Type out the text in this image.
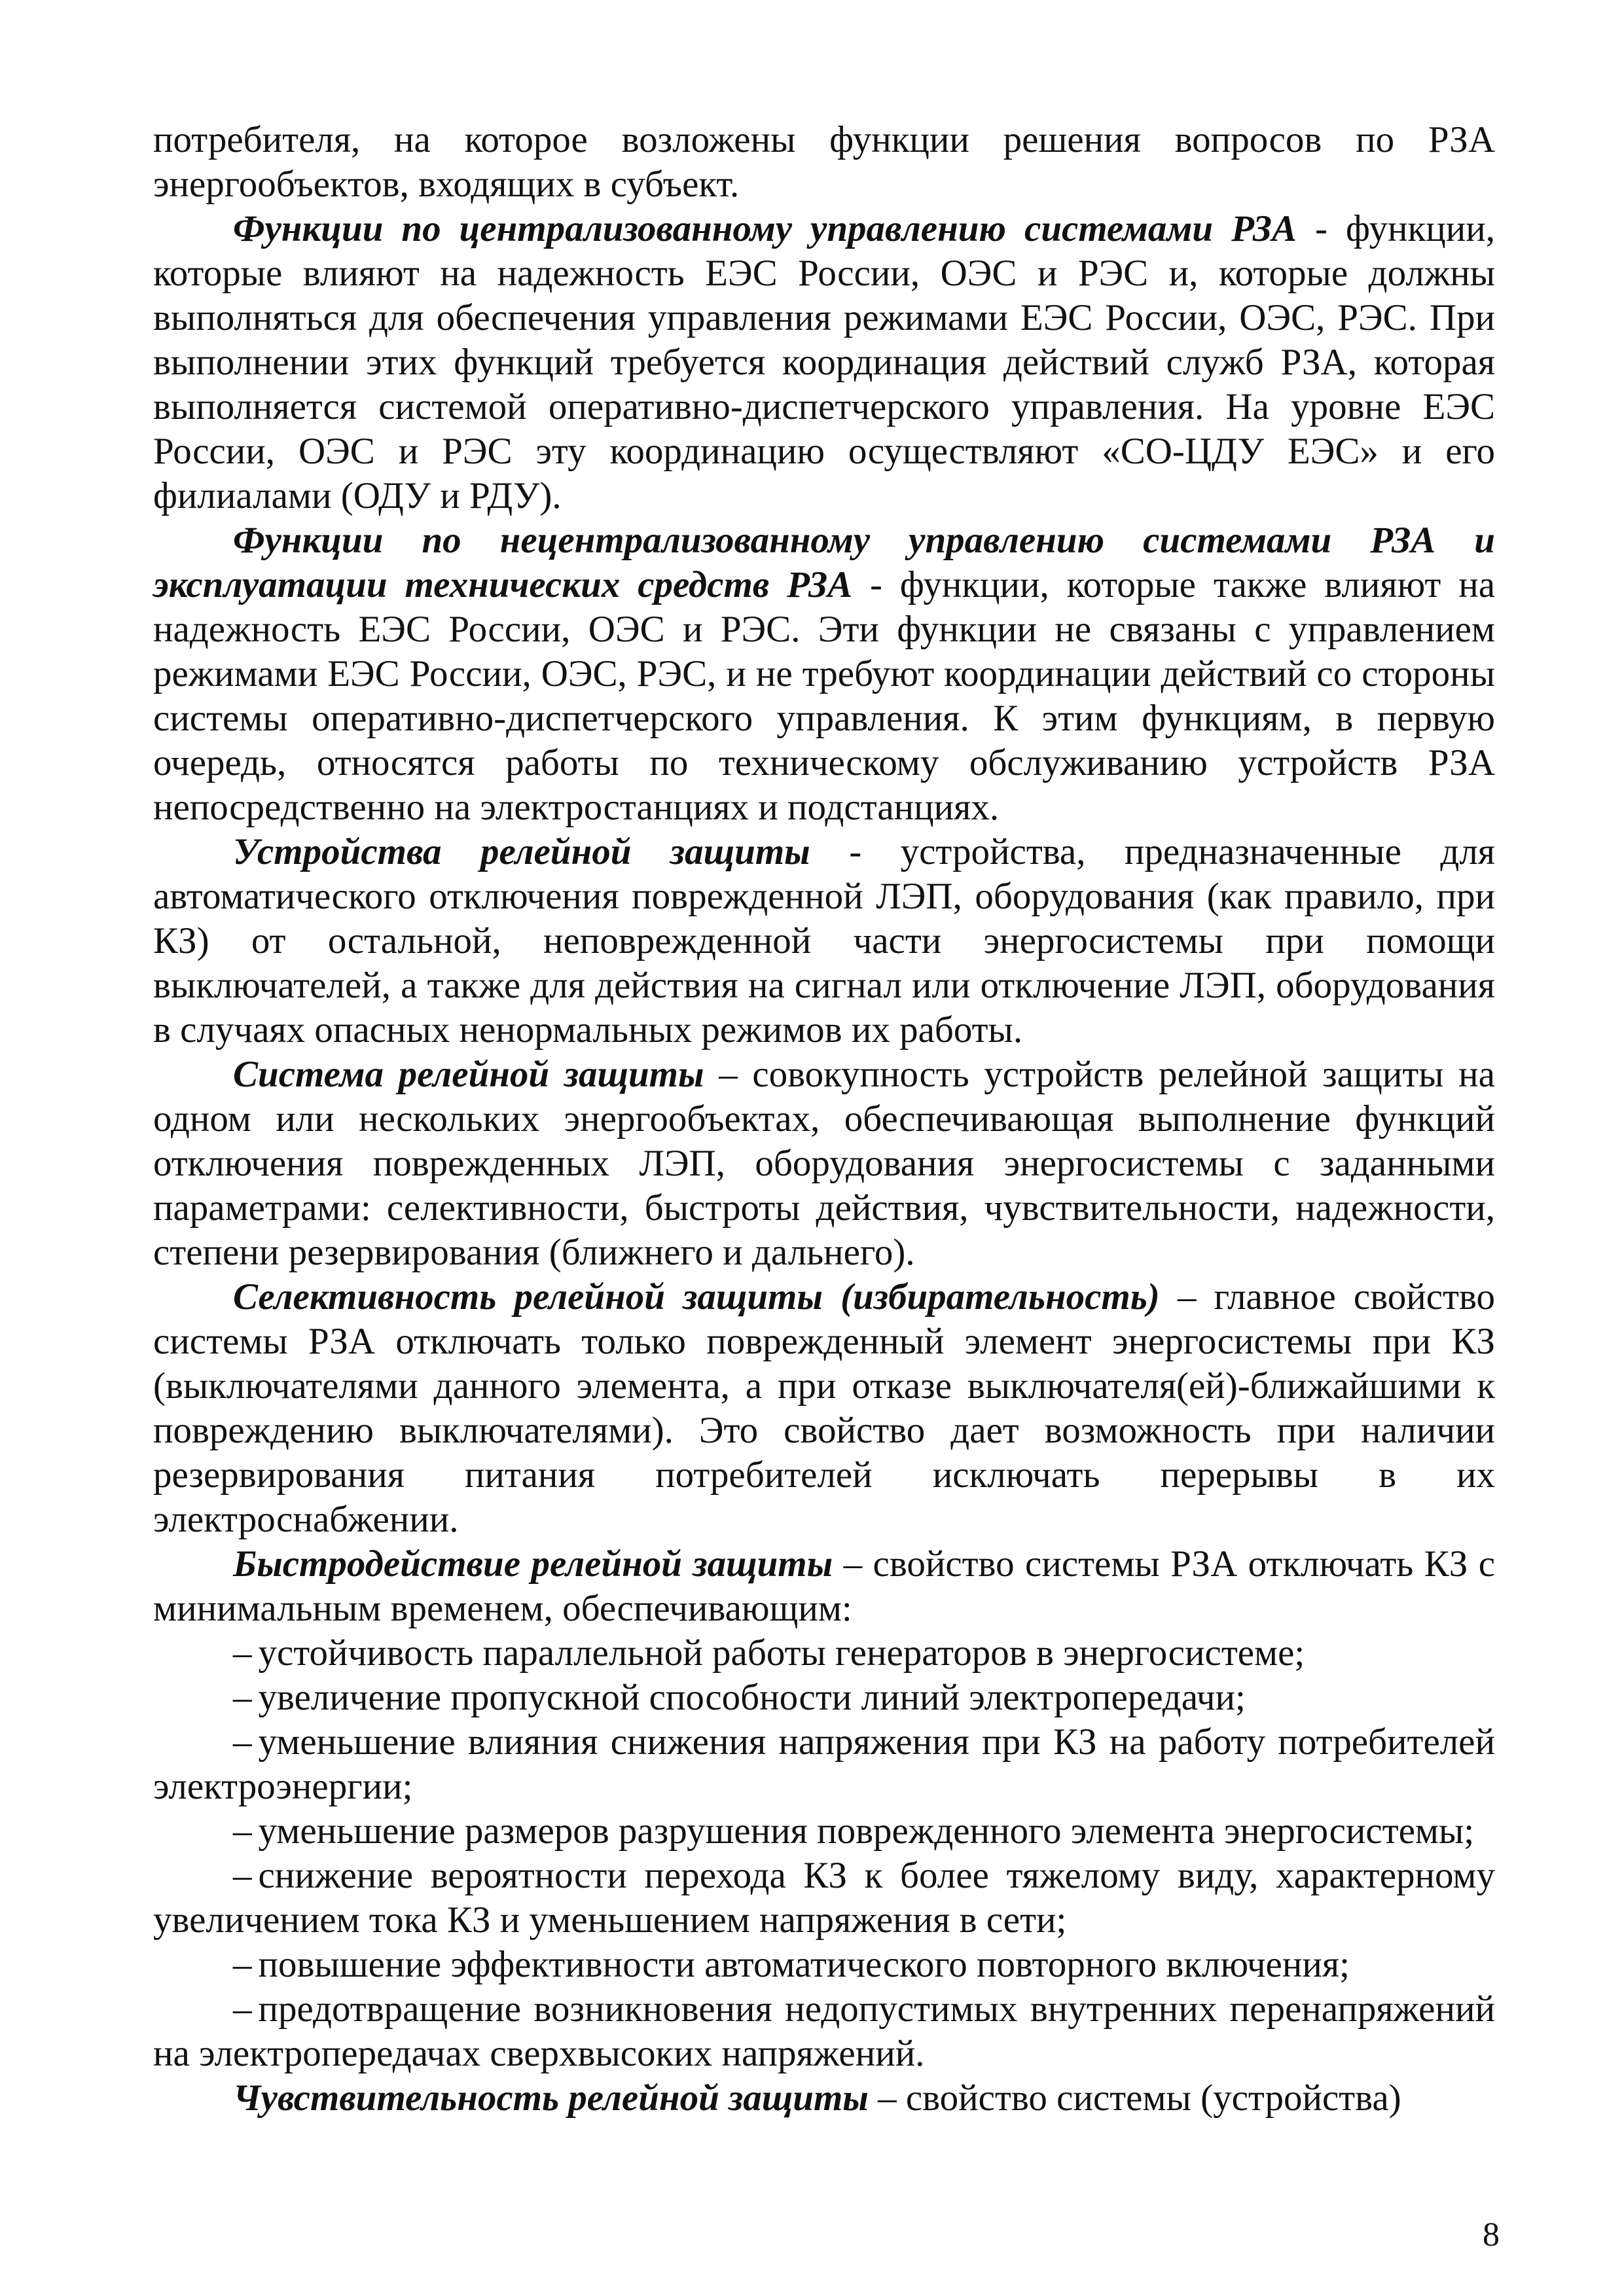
потребителя, на которое возложены функции решения вопросов по РЗА энергообъектов, входящих в субъект.

Функции по централизованному управлению системами РЗА - функции, которые влияют на надежность ЕЭС России, ОЭС и РЭС и, которые должны выполняться для обеспечения управления режимами ЕЭС России, ОЭС, РЭС. При выполнении этих функций требуется координация действий служб РЗА, которая выполняется системой оперативно-диспетчерского управления. На уровне ЕЭС России, ОЭС и РЭС эту координацию осуществляют «СО-ЦДУ ЕЭС» и его филиалами (ОДУ и РДУ).

Функции по нецентрализованному управлению системами РЗА и эксплуатации технических средств РЗА - функции, которые также влияют на надежность ЕЭС России, ОЭС и РЭС. Эти функции не связаны с управлением режимами ЕЭС России, ОЭС, РЭС, и не требуют координации действий со стороны системы оперативно-диспетчерского управления. К этим функциям, в первую очередь, относятся работы по техническому обслуживанию устройств РЗА непосредственно на электростанциях и подстанциях.

Устройства релейной защиты - устройства, предназначенные для автоматического отключения поврежденной ЛЭП, оборудования (как правило, при КЗ) от остальной, неповрежденной части энергосистемы при помощи выключателей, а также для действия на сигнал или отключение ЛЭП, оборудования в случаях опасных ненормальных режимов их работы.

Система релейной защиты – совокупность устройств релейной защиты на одном или нескольких энергообъектах, обеспечивающая выполнение функций отключения поврежденных ЛЭП, оборудования энергосистемы с заданными параметрами: селективности, быстроты действия, чувствительности, надежности, степени резервирования (ближнего и дальнего).

Селективность релейной защиты (избирательность) – главное свойство системы РЗА отключать только поврежденный элемент энергосистемы при КЗ (выключателями данного элемента, а при отказе выключателя(ей)-ближайшими к повреждению выключателями). Это свойство дает возможность при наличии резервирования питания потребителей исключать перерывы в их электроснабжении.

Быстродействие релейной защиты – свойство системы РЗА отключать КЗ с минимальным временем, обеспечивающим:

– устойчивость параллельной работы генераторов в энергосистеме;
– увеличение пропускной способности линий электропередачи;
– уменьшение влияния снижения напряжения при КЗ на работу потребителей электроэнергии;
– уменьшение размеров разрушения поврежденного элемента энергосистемы;
– снижение вероятности перехода КЗ к более тяжелому виду, характерному увеличением тока КЗ и уменьшением напряжения в сети;
– повышение эффективности автоматического повторного включения;
– предотвращение возникновения недопустимых внутренних перенапряжений на электропередачах сверхвысоких напряжений.

Чувствительность релейной защиты – свойство системы (устройства)

8
